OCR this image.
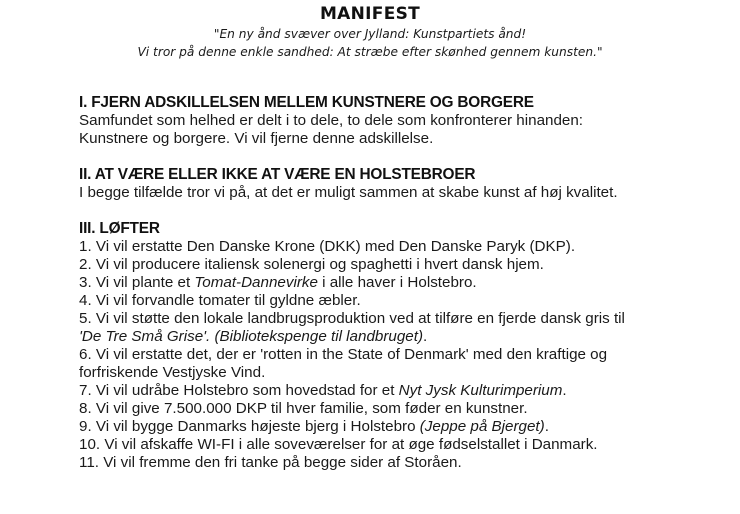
MANIFEST
"En ny ånd svæver over Jylland: Kunstpartiets ånd!
Vi tror på denne enkle sandhed: At stræbe efter skønhed gennem kunsten."
I. FJERN ADSKILLELSEN MELLEM KUNSTNERE OG BORGERE
Samfundet som helhed er delt i to dele, to dele som konfronterer hinanden:
Kunstnere og borgere. Vi vil fjerne denne adskillelse.
II. AT VÆRE ELLER IKKE AT VÆRE EN HOLSTEBROER
I begge tilfælde tror vi på, at det er muligt sammen at skabe kunst af høj kvalitet.
III. LØFTER
1. Vi vil erstatte Den Danske Krone (DKK) med Den Danske Paryk (DKP).
2. Vi vil producere italiensk solenergi og spaghetti i hvert dansk hjem.
3. Vi vil plante et Tomat-Dannevirke i alle haver i Holstebro.
4. Vi vil forvandle tomater til gyldne æbler.
5. Vi vil støtte den lokale landbrugsproduktion ved at tilføre en fjerde dansk gris til
'De Tre Små Grise'. (Bibliotekspenge til landbruget).
6. Vi vil erstatte det, der er 'rotten in the State of Denmark' med den kraftige og
forfriskende Vestjyske Vind.
7. Vi vil udråbe Holstebro som hovedstad for et Nyt Jysk Kulturimperium.
8. Vi vil give 7.500.000 DKP til hver familie, som føder en kunstner.
9. Vi vil bygge Danmarks højeste bjerg i Holstebro (Jeppe på Bjerget).
10. Vi vil afskaffe WI-FI i alle soveværelser for at øge fødselstallet i Danmark.
11. Vi vil fremme den fri tanke på begge sider af Storåen.
